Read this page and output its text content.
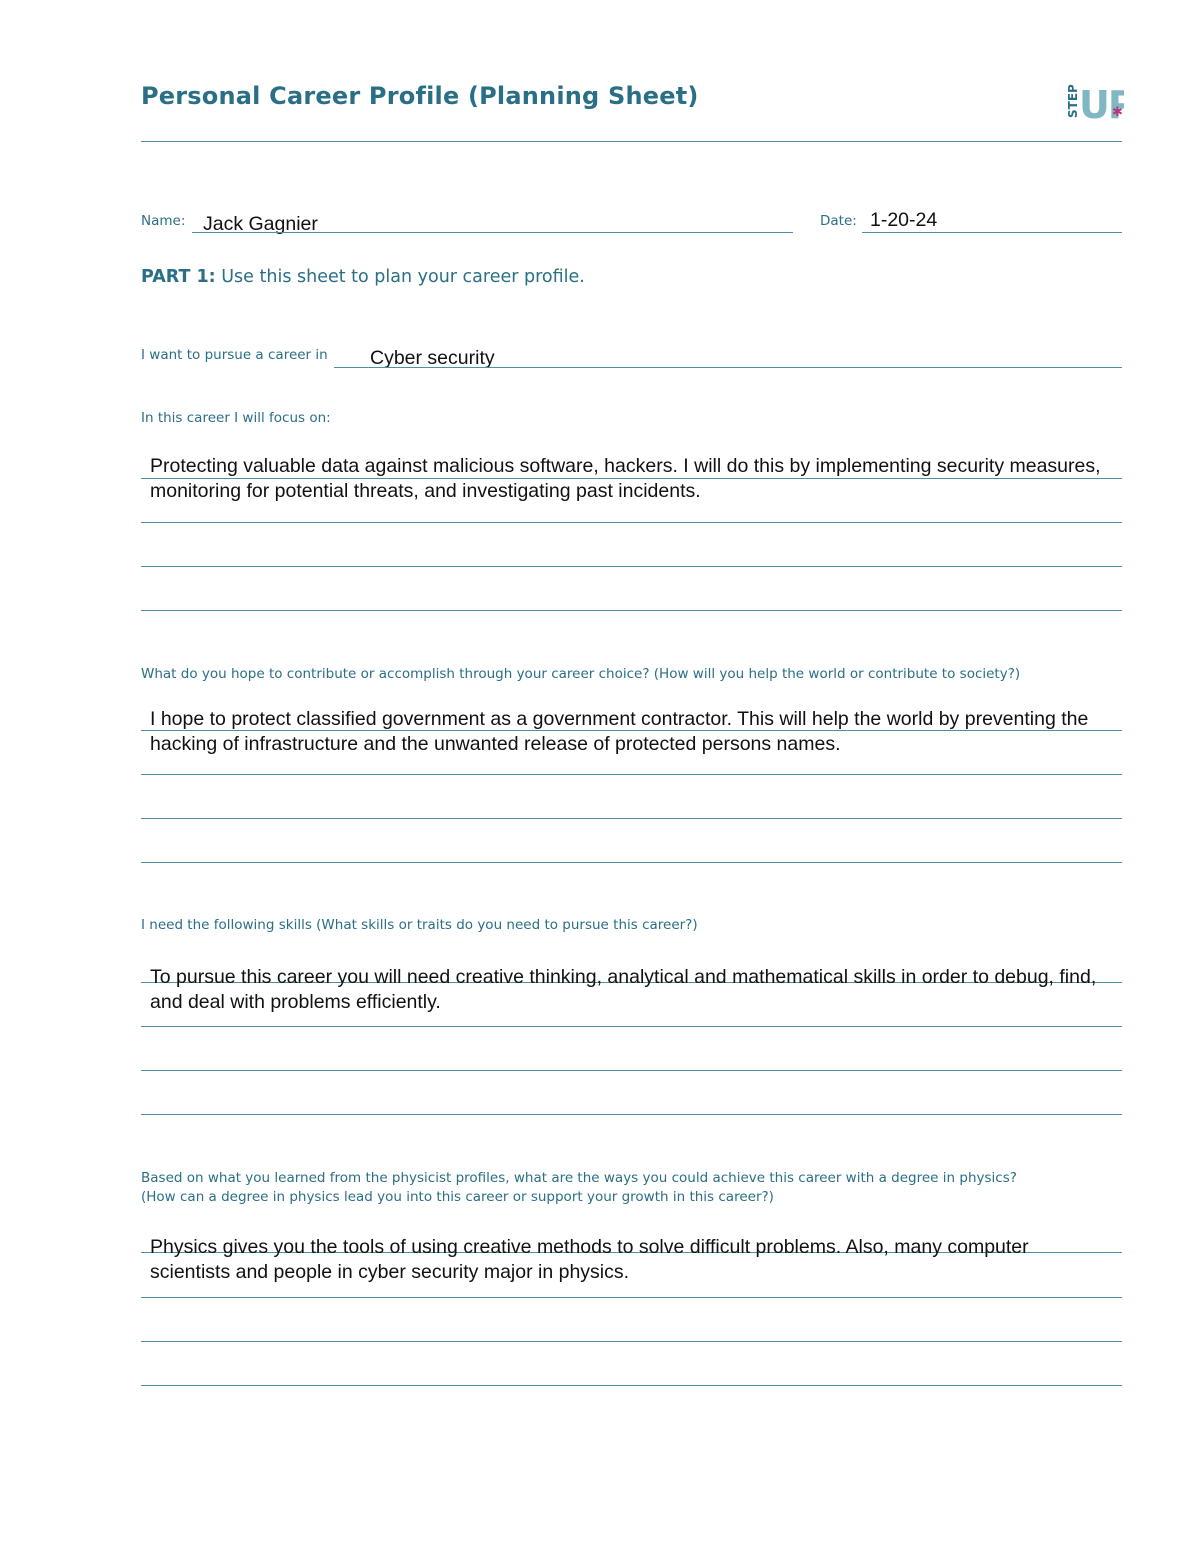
Personal Career Profile (Planning Sheet)	STEP UP
✱
Name: Jack Gagnier	Date: 1-20-24
PART 1: Use this sheet to plan your career profile.
I want to pursue a career in Cyber security
In this career I will focus on:
Protecting valuable data against malicious software, hackers. I will do this by implementing security measures, monitoring for potential threats, and investigating past incidents.
What do you hope to contribute or accomplish through your career choice? (How will you help the world or contribute to society?)
I hope to protect classified government as a government contractor. This will help the world by preventing the hacking of infrastructure and the unwanted release of protected persons names.
I need the following skills (What skills or traits do you need to pursue this career?)
To pursue this career you will need creative thinking, analytical and mathematical skills in order to debug, find, and deal with problems efficiently.
Based on what you learned from the physicist profiles, what are the ways you could achieve this career with a degree in physics?
(How can a degree in physics lead you into this career or support your growth in this career?)
Physics gives you the tools of using creative methods to solve difficult problems. Also, many computer scientists and people in cyber security major in physics.
